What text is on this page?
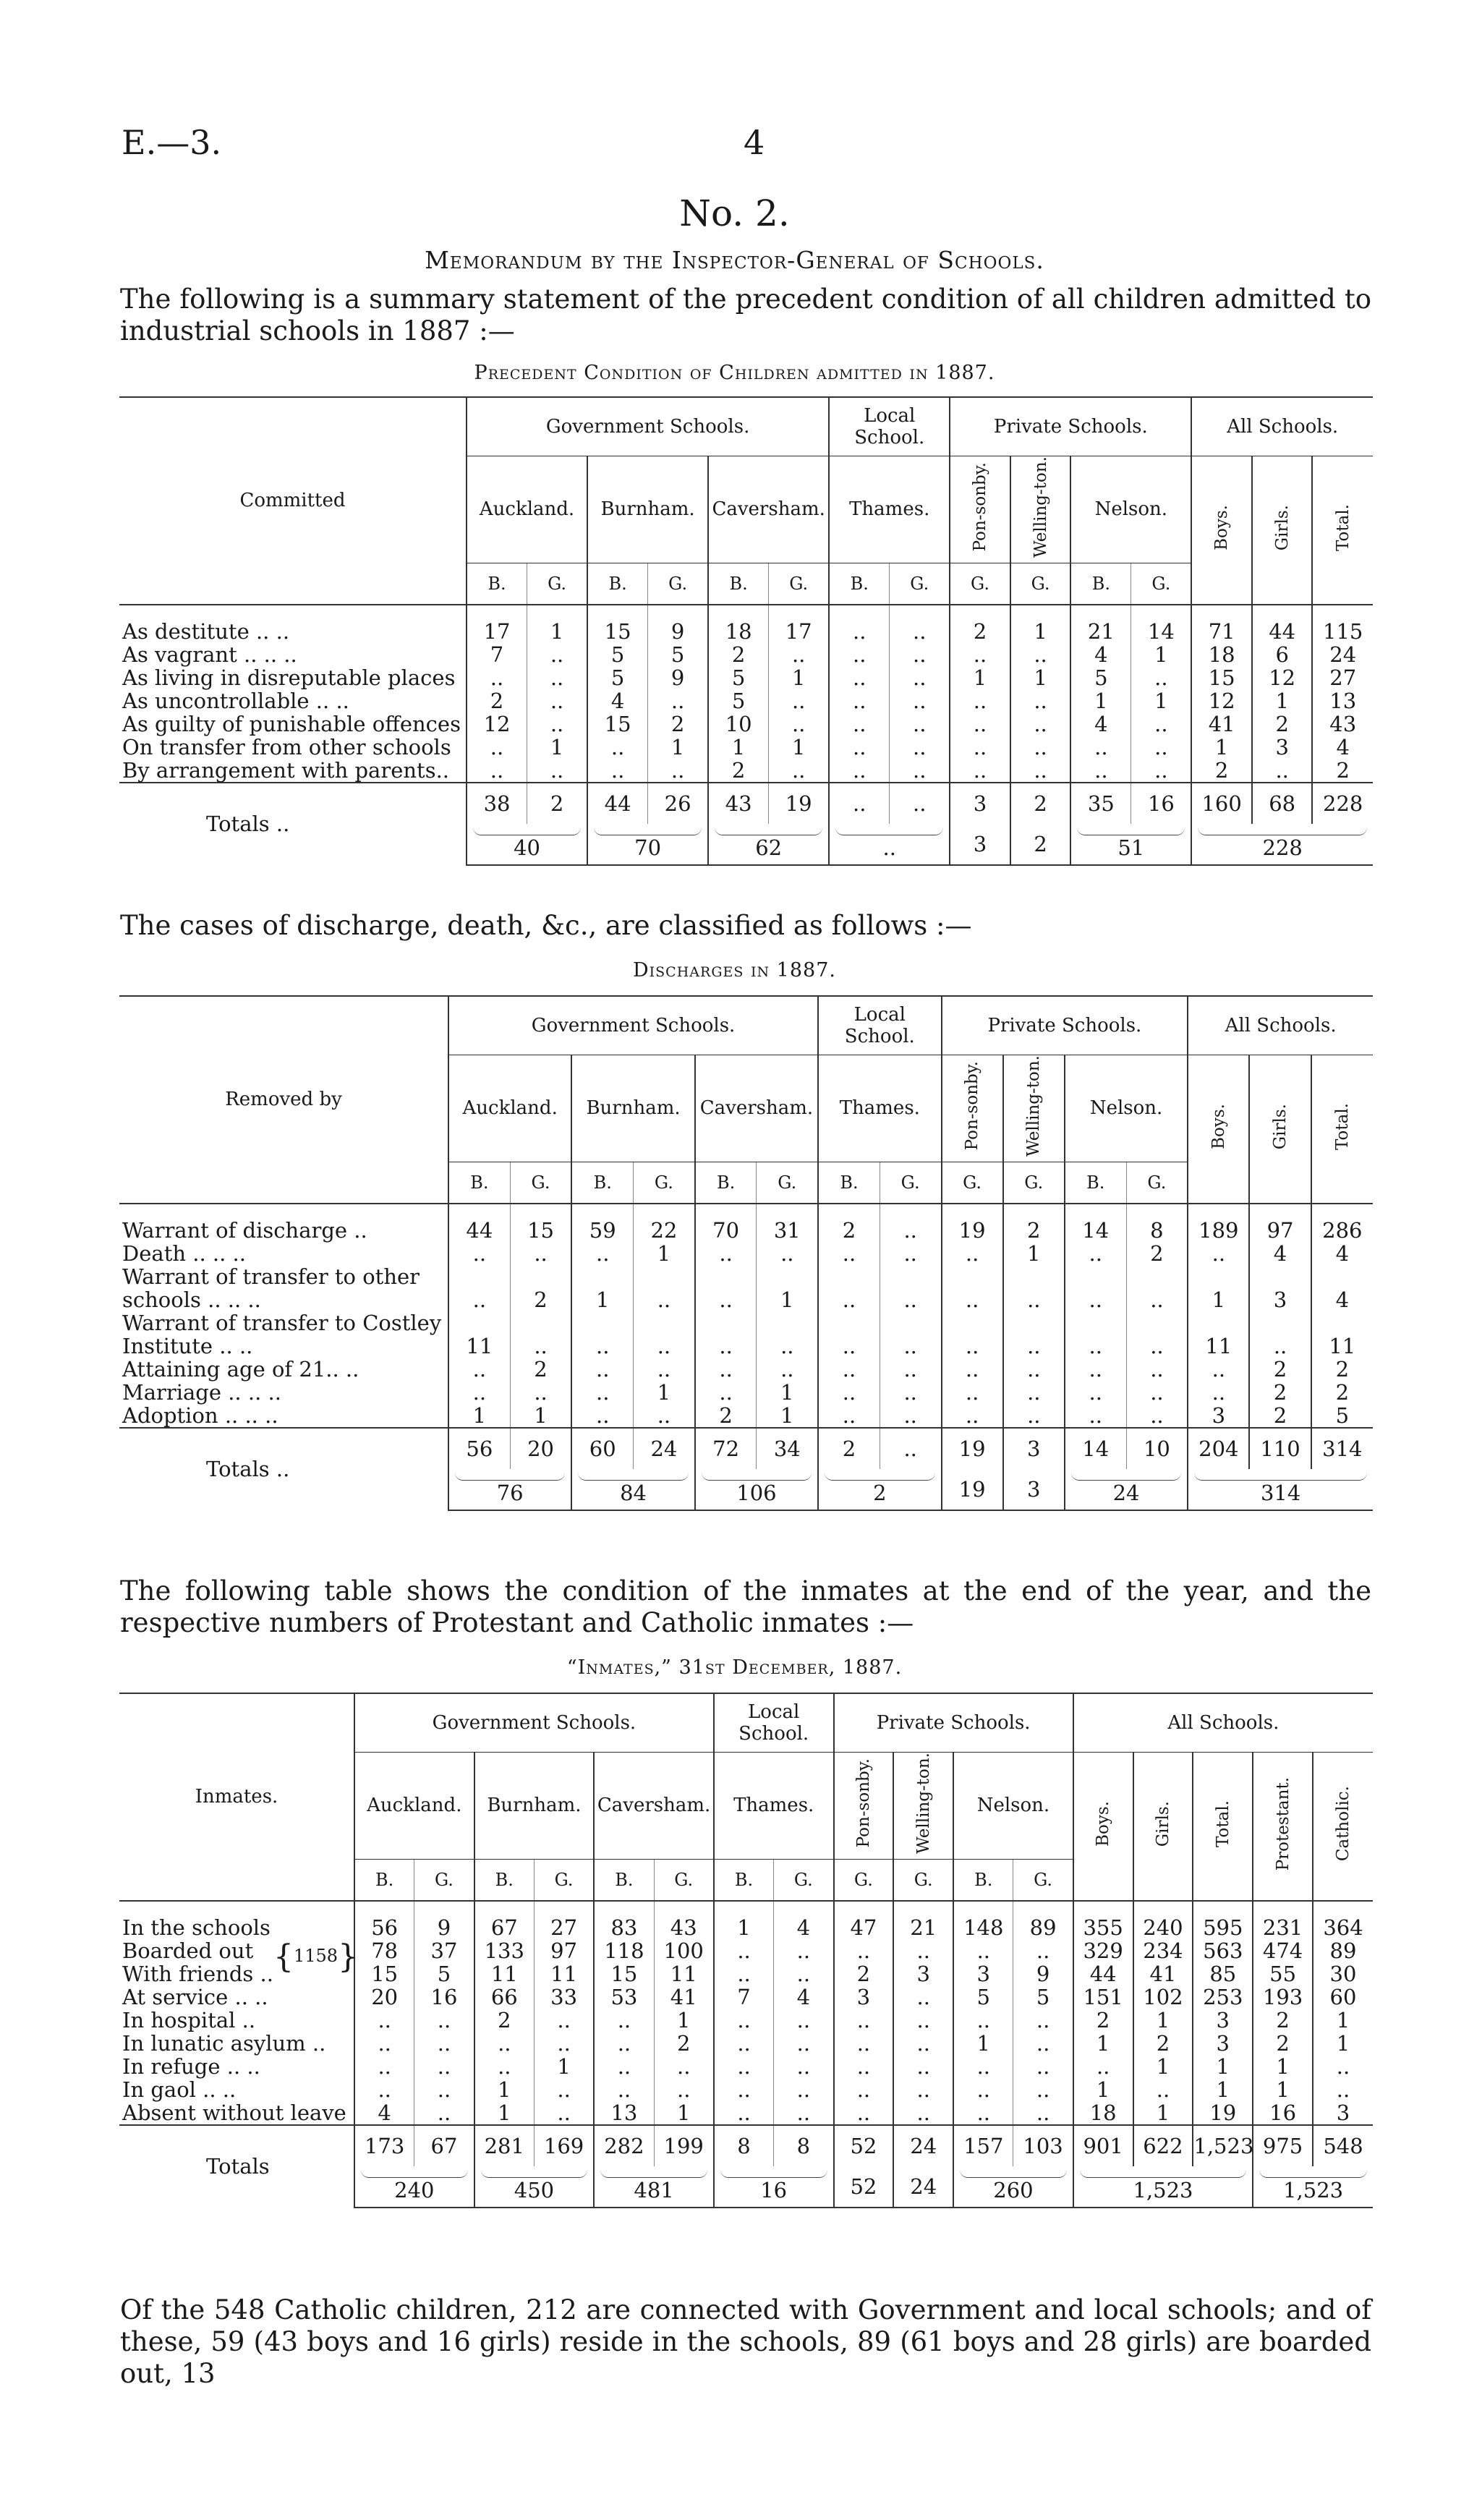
E.—3.	4
No. 2.
Memorandum by the Inspector-General of Schools.
The following is a summary statement of the precedent condition of all children admitted to industrial schools in 1887 :—
Precedent Condition of Children admitted in 1887.
Committed	Government Schools.						Local School.		Private Schools.				All Schools.		
	Auckland.		Burnham.		Caversham.		Thames.		Pon-sonby.	Welling-ton.	Nelson.		Boys.	Girls.	Total.
	B.	G.	B.	G.	B.	G.	B.	G.	G.	G.	B.	G.			
As destitute .. ..	17	1	15	9	18	17	..	..	2	1	21	14	71	44	115
As vagrant .. .. ..	7	..	5	5	2	..	..	..	..	..	4	1	18	6	24
As living in disreputable places	..	..	5	9	5	1	..	..	1	1	5	..	15	12	27
As uncontrollable .. ..	2	..	4	..	5	..	..	..	..	..	1	1	12	1	13
As guilty of punishable offences	12	..	15	2	10	..	..	..	..	..	4	..	41	2	43
On transfer from other schools	..	1	..	1	1	1	..	..	..	..	..	..	1	3	4
By arrangement with parents..	..	..	..	..	2	..	..	..	..	..	..	..	2	..	2
Totals ..	38	2	44	26	43	19	..	..	3	2	35	16	160	68	228

	40		70		62		..		3	2	51		228		
The cases of discharge, death, &c., are classified as follows :—
Discharges in 1887.
Removed by	Government Schools.						Local School.		Private Schools.				All Schools.		
	Auckland.		Burnham.		Caversham.		Thames.		Pon-sonby.	Welling-ton.	Nelson.		Boys.	Girls.	Total.
	B.	G.	B.	G.	B.	G.	B.	G.	G.	G.	B.	G.			
Warrant of discharge ..	44	15	59	22	70	31	2	..	19	2	14	8	189	97	286
Death .. .. ..	..	..	..	1	..	..	..	..	..	1	..	2	..	4	4
Warrant of transfer to other															
schools .. .. ..	..	2	1	..	..	1	..	..	..	..	..	..	1	3	4
Warrant of transfer to Costley															
Institute .. ..	11	..	..	..	..	..	..	..	..	..	..	..	11	..	11
Attaining age of 21.. ..	..	2	..	..	..	..	..	..	..	..	..	..	..	2	2
Marriage .. .. ..	..	..	..	1	..	1	..	..	..	..	..	..	..	2	2
Adoption .. .. ..	1	1	..	..	2	1	..	..	..	..	..	..	3	2	5
Totals ..	56	20	60	24	72	34	2	..	19	3	14	10	204	110	314

	76		84		106		2		19	3	24		314		
The following table shows the condition of the inmates at the end of the year, and the respective numbers of Protestant and Catholic inmates :—
“Inmates,” 31st December, 1887.
Inmates.	Government Schools.						Local School.		Private Schools.				All Schools.				
	Auckland.		Burnham.		Caversham.		Thames.		Pon-sonby.	Welling-ton.	Nelson.		Boys.	Girls.	Total.	Protestant.	Catholic.
	B.	G.	B.	G.	B.	G.	B.	G.	G.	G.	B.	G.					
In the schools	56	9	67	27	83	43	1	4	47	21	148	89	355	240	595	231	364
Boarded out	78	37	133	97	118	100	..	..	..	..	..	..	329	234	563	474	89
With friends ..	15	5	11	11	15	11	..	..	2	3	3	9	44	41	85	55	30
At service .. ..	20	16	66	33	53	41	7	4	3	..	5	5	151	102	253	193	60
In hospital ..	..	..	2	..	..	1	..	..	..	..	..	..	2	1	3	2	1
In lunatic asylum ..	..	..	..	..	..	2	..	..	..	..	1	..	1	2	3	2	1
In refuge .. ..	..	..	..	1	..	..	..	..	..	..	..	..	..	1	1	1	..
In gaol .. ..	..	..	1	..	..	..	..	..	..	..	..	..	1	..	1	1	..
Absent without leave	4	..	1	..	13	1	..	..	..	..	..	..	18	1	19	16	3
Totals	173	67	281	169	282	199	8	8	52	24	157	103	901	622	1,523	975	548

	240		450		481		16		52	24	260		1,523			1,523	
{1158}
Of the 548 Catholic children, 212 are connected with Government and local schools; and of these, 59 (43 boys and 16 girls) reside in the schools, 89 (61 boys and 28 girls) are boarded out, 13
